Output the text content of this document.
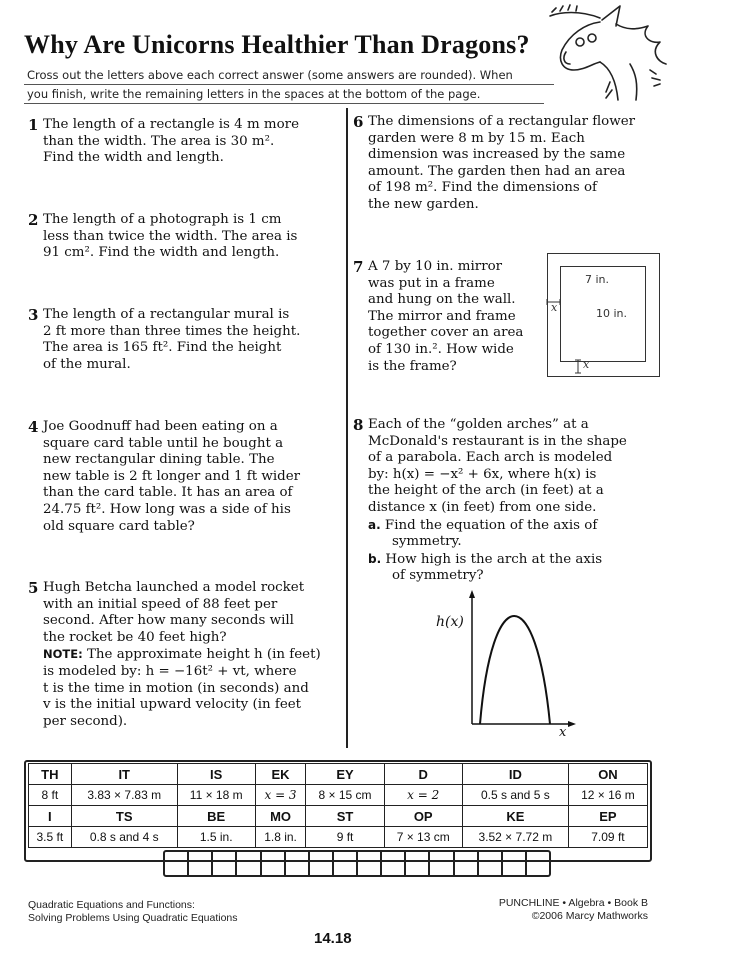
Why Are Unicorns Healthier Than Dragons?
Cross out the letters above each correct answer (some answers are rounded). When
you finish, write the remaining letters in the spaces at the bottom of the page.
1 The length of a rectangle is 4 m more
than the width. The area is 30 m².
Find the width and length.
2 The length of a photograph is 1 cm
less than twice the width. The area is
91 cm². Find the width and length.
3 The length of a rectangular mural is
2 ft more than three times the height.
The area is 165 ft². Find the height
of the mural.
4 Joe Goodnuff had been eating on a
square card table until he bought a
new rectangular dining table. The
new table is 2 ft longer and 1 ft wider
than the card table. It has an area of
24.75 ft². How long was a side of his
old square card table?
5 Hugh Betcha launched a model rocket
with an initial speed of 88 feet per
second. After how many seconds will
the rocket be 40 feet high?
NOTE: The approximate height h (in feet)
is modeled by: h = −16t² + vt, where
t is the time in motion (in seconds) and
v is the initial upward velocity (in feet
per second).
6 The dimensions of a rectangular flower
garden were 8 m by 15 m. Each
dimension was increased by the same
amount. The garden then had an area
of 198 m². Find the dimensions of
the new garden.
7 A 7 by 10 in. mirror
was put in a frame
and hung on the wall.
The mirror and frame
together cover an area
of 130 in.². How wide
is the frame?
7 in.
10 in.
x
x
8 Each of the “golden arches” at a
McDonald's restaurant is in the shape
of a parabola. Each arch is modeled
by: h(x) = −x² + 6x, where h(x) is
the height of the arch (in feet) at a
distance x (in feet) from one side.
a. Find the equation of the axis of
symmetry.
b. How high is the arch at the axis
of symmetry?
h(x)
x
TH	IT	IS	EK	EY	D	ID	ON
8 ft	3.83 × 7.83 m	11 × 18 m	x = 3	8 × 15 cm	x = 2	0.5 s and 5 s	12 × 16 m
I	TS	BE	MO	ST	OP	KE	EP
3.5 ft	0.8 s and 4 s	1.5 in.	1.8 in.	9 ft	7 × 13 cm	3.52 × 7.72 m	7.09 ft
Quadratic Equations and Functions:
Solving Problems Using Quadratic Equations
PUNCHLINE • Algebra • Book B
©2006 Marcy Mathworks
14.18
